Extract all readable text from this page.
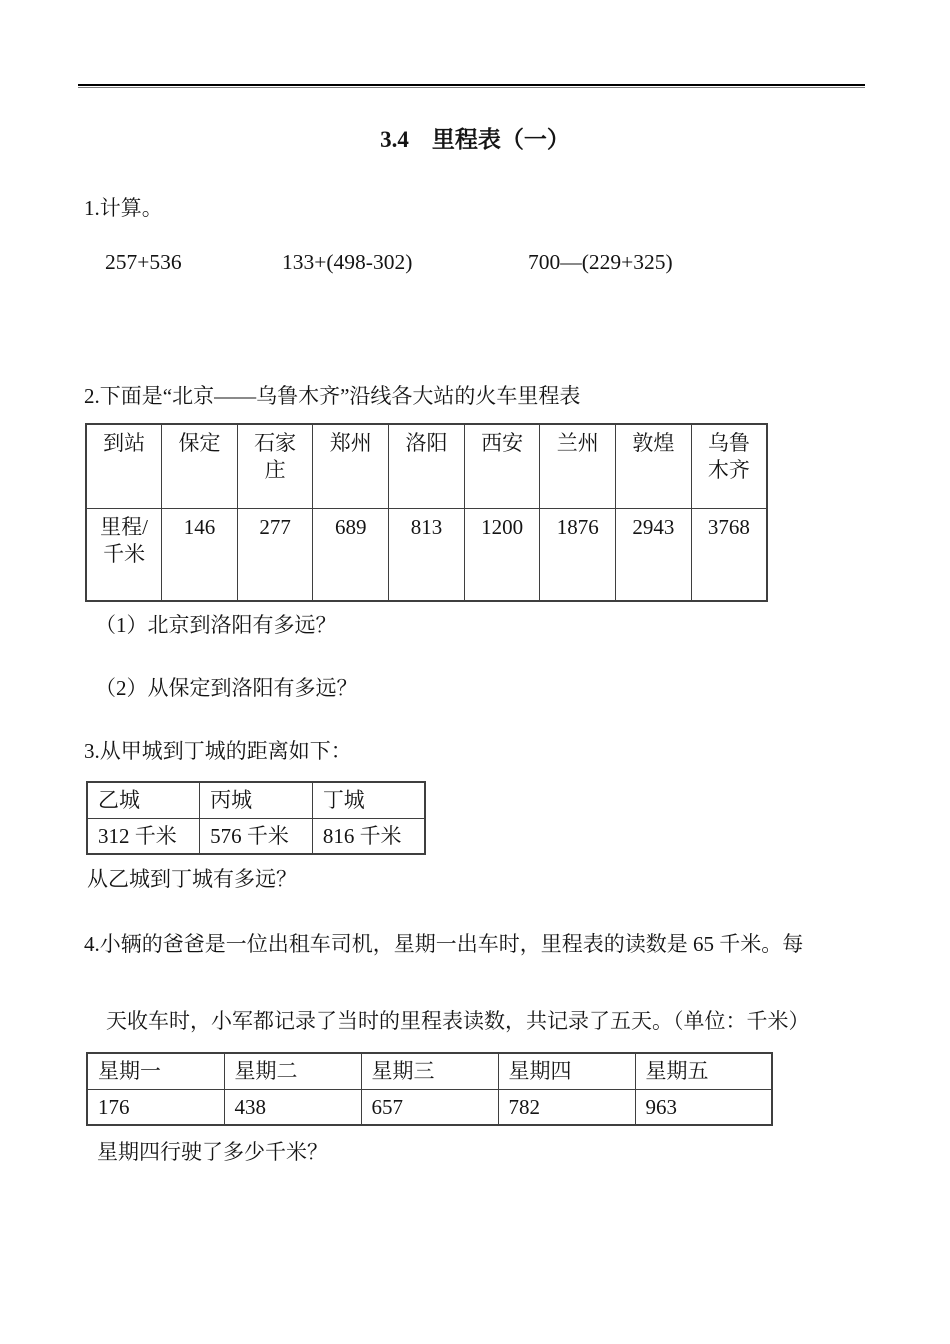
3.4　里程表（一）
1.计算。
257+536	133+(498-302)	700—(229+325)
2.下面是“北京——乌鲁木齐”沿线各大站的火车里程表
到站	保定	石家庄	郑州	洛阳	西安	兰州	敦煌	乌鲁木齐
里程/千米	146	277	689	813	1200	1876	2943	3768
（1）北京到洛阳有多远？
（2）从保定到洛阳有多远？
3.从甲城到丁城的距离如下：
乙城	丙城	丁城
312 千米	576 千米	816 千米
从乙城到丁城有多远？
4.小辆的爸爸是一位出租车司机，星期一出车时，里程表的读数是 65 千米。每
天收车时，小军都记录了当时的里程表读数，共记录了五天。（单位：千米）
星期一	星期二	星期三	星期四	星期五
176	438	657	782	963
星期四行驶了多少千米？
